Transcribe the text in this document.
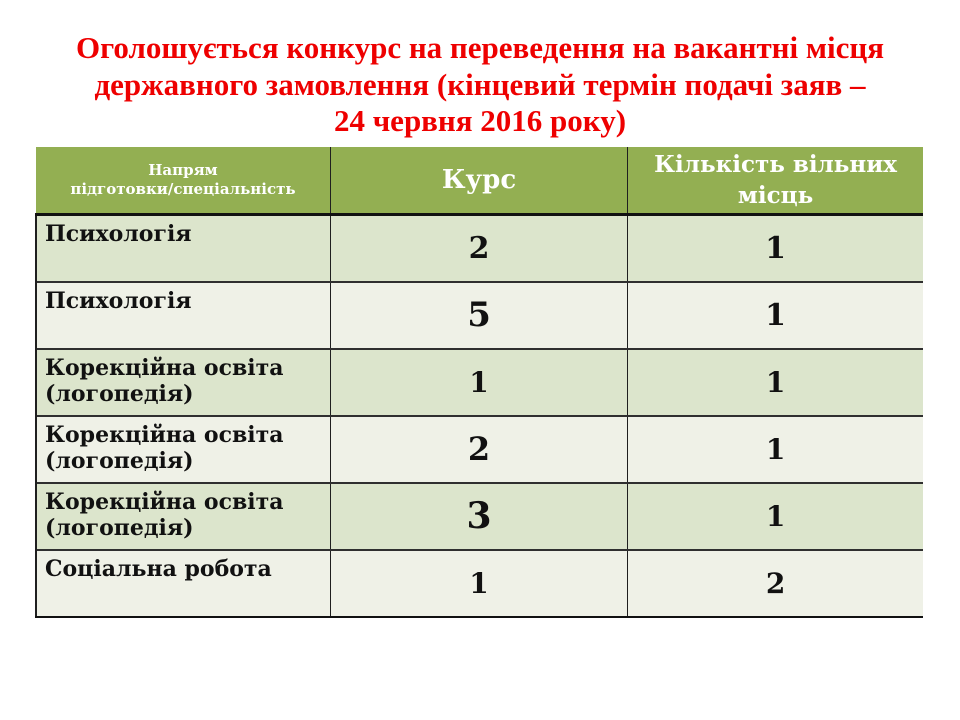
Оголошується конкурс на переведення на вакантні місця
державного замовлення (кінцевий термін подачі заяв –
24 червня 2016 року)
Напрям
підготовки/спеціальність	Курс	Кількість вільних місць
Психологія	2	1
Психологія	5	1
Корекційна освіта (логопедія)	1	1
Корекційна освіта (логопедія)	2	1
Корекційна освіта (логопедія)	3	1
Соціальна робота	1	2
